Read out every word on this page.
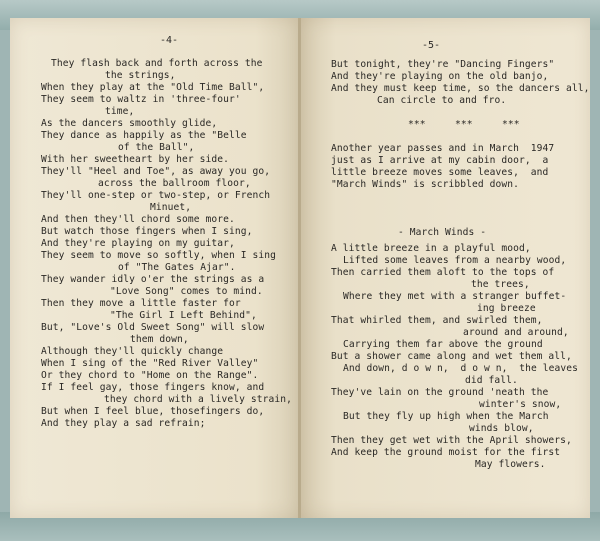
-4-
They flash back and forth across the
the strings,
When they play at the "Old Time Ball",
They seem to waltz in 'three-four'
time,
As the dancers smoothly glide,
They dance as happily as the "Belle
of the Ball",
With her sweetheart by her side.
They'll "Heel and Toe", as away you go,
across the ballroom floor,
They'll one-step or two-step, or French
Minuet,
And then they'll chord some more.
But watch those fingers when I sing,
And they're playing on my guitar,
They seem to move so softly, when I sing
of "The Gates Ajar".
They wander idly o'er the strings as a
"Love Song" comes to mind.
Then they move a little faster for
"The Girl I Left Behind",
But, "Love's Old Sweet Song" will slow
them down,
Although they'll quickly change
When I sing of the "Red River Valley"
Or they chord to "Home on the Range".
If I feel gay, those fingers know, and
they chord with a lively strain,
But when I feel blue, thosefingers do,
And they play a sad refrain;
-5-
But tonight, they're "Dancing Fingers"
And they're playing on the old banjo,
And they must keep time, so the dancers all,
Can circle to and fro.
***     ***     ***
Another year passes and in March  1947
just as I arrive at my cabin door,  a
little breeze moves some leaves,  and
"March Winds" is scribbled down.
- March Winds -
A little breeze in a playful mood,
Lifted some leaves from a nearby wood,
Then carried them aloft to the tops of
the trees,
Where they met with a stranger buffet-
ing breeze
That whirled them, and swirled them,
around and around,
Carrying them far above the ground
But a shower came along and wet them all,
And down, d o w n,  d o w n,  the leaves
did fall.
They've lain on the ground 'neath the
winter's snow,
But they fly up high when the March
winds blow,
Then they get wet with the April showers,
And keep the ground moist for the first
May flowers.
